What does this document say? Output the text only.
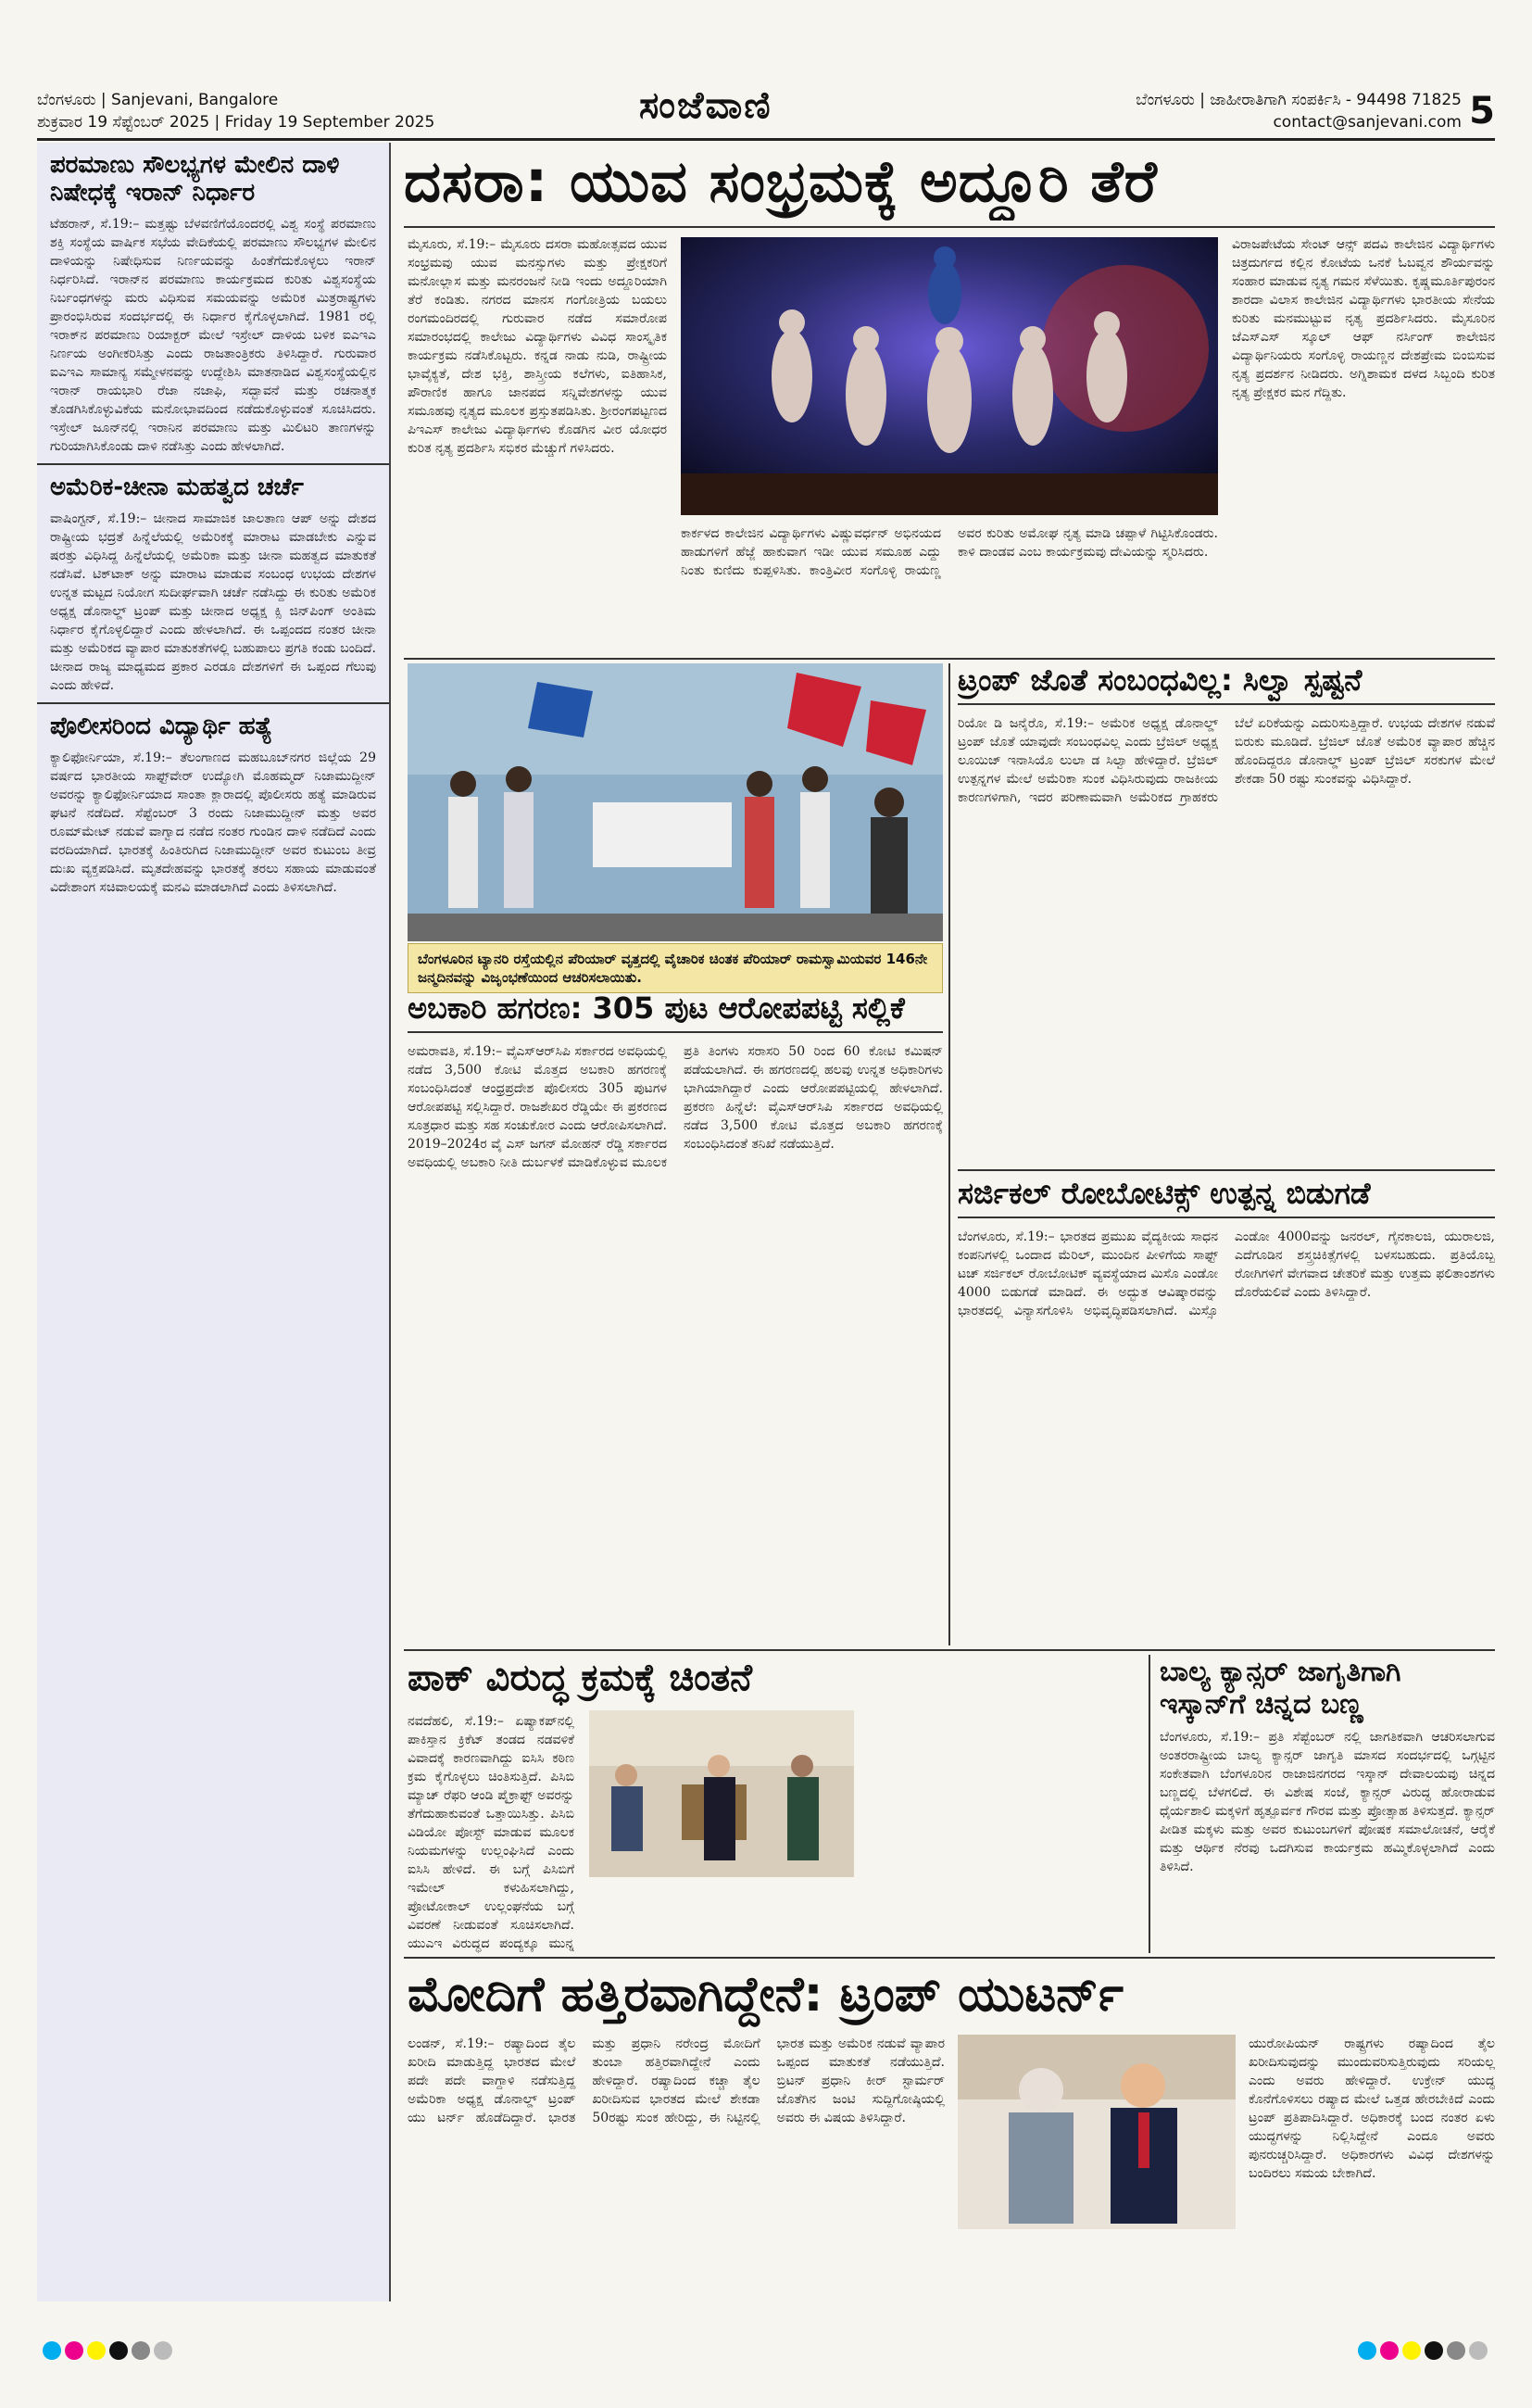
ಬೆಂಗಳೂರು | Sanjevani, Bangalore
ಶುಕ್ರವಾರ 19 ಸೆಪ್ಟೆಂಬರ್ 2025 | Friday 19 September 2025	ಸಂಜೆವಾಣಿ	ಬೆಂಗಳೂರು | ಜಾಹೀರಾತಿಗಾಗಿ ಸಂಪರ್ಕಿಸಿ - 94498 71825
contact@sanjevani.com 5
ಪರಮಾಣು ಸೌಲಭ್ಯಗಳ ಮೇಲಿನ ದಾಳಿ ನಿಷೇಧಕ್ಕೆ ಇರಾನ್ ನಿರ್ಧಾರ
ಟೆಹರಾನ್, ಸೆ.19:– ಮತ್ತಷ್ಟು ಬೆಳವಣಿಗೆಯೊಂದರಲ್ಲಿ ವಿಶ್ವ ಸಂಸ್ಥೆ ಪರಮಾಣು ಶಕ್ತಿ ಸಂಸ್ಥೆಯ ವಾರ್ಷಿಕ ಸಭೆಯ ವೇದಿಕೆಯಲ್ಲಿ ಪರಮಾಣು ಸೌಲಭ್ಯಗಳ ಮೇಲಿನ ದಾಳಿಯನ್ನು ನಿಷೇಧಿಸುವ ನಿರ್ಣಯವನ್ನು ಹಿಂತೆಗೆದುಕೊಳ್ಳಲು ಇರಾನ್ ನಿರ್ಧರಿಸಿದೆ. ಇರಾನ್‌ನ ಪರಮಾಣು ಕಾರ್ಯಕ್ರಮದ ಕುರಿತು ವಿಶ್ವಸಂಸ್ಥೆಯ ನಿರ್ಬಂಧಗಳನ್ನು ಮರು ವಿಧಿಸುವ ಸಮಯವನ್ನು ಅಮೆರಿಕ ಮಿತ್ರರಾಷ್ಟ್ರಗಳು ಪ್ರಾರಂಭಿಸಿರುವ ಸಂದರ್ಭದಲ್ಲಿ ಈ ನಿರ್ಧಾರ ಕೈಗೊಳ್ಳಲಾಗಿದೆ. 1981 ರಲ್ಲಿ ಇರಾಕ್‌ನ ಪರಮಾಣು ರಿಯಾಕ್ಟರ್ ಮೇಲೆ ಇಸ್ರೇಲ್ ದಾಳಿಯ ಬಳಿಕ ಐಎಇಎ ನಿರ್ಣಯ ಅಂಗೀಕರಿಸಿತ್ತು ಎಂದು ರಾಜತಾಂತ್ರಿಕರು ತಿಳಿಸಿದ್ದಾರೆ. ಗುರುವಾರ ಐಎಇಎ ಸಾಮಾನ್ಯ ಸಮ್ಮೇಳನವನ್ನು ಉದ್ದೇಶಿಸಿ ಮಾತನಾಡಿದ ವಿಶ್ವಸಂಸ್ಥೆಯಲ್ಲಿನ ಇರಾನ್ ರಾಯಭಾರಿ ರೆಜಾ ನಜಾಫಿ, ಸದ್ಭಾವನೆ ಮತ್ತು ರಚನಾತ್ಮಕ ತೊಡಗಿಸಿಕೊಳ್ಳುವಿಕೆಯ ಮನೋಭಾವದಿಂದ ನಡೆದುಕೊಳ್ಳುವಂತೆ ಸೂಚಿಸಿದರು. ಇಸ್ರೇಲ್ ಜೂನ್‌ನಲ್ಲಿ ಇರಾನಿನ ಪರಮಾಣು ಮತ್ತು ಮಿಲಿಟರಿ ತಾಣಗಳನ್ನು ಗುರಿಯಾಗಿಸಿಕೊಂಡು ದಾಳಿ ನಡೆಸಿತ್ತು ಎಂದು ಹೇಳಲಾಗಿದೆ.
ಅಮೆರಿಕ-ಚೀನಾ ಮಹತ್ವದ ಚರ್ಚೆ
ವಾಷಿಂಗ್ಟನ್, ಸೆ.19:– ಚೀನಾದ ಸಾಮಾಜಿಕ ಜಾಲತಾಣ ಆಪ್ ಅನ್ನು ದೇಶದ ರಾಷ್ಟ್ರೀಯ ಭದ್ರತೆ ಹಿನ್ನೆಲೆಯಲ್ಲಿ ಅಮೆರಿಕಕ್ಕೆ ಮಾರಾಟ ಮಾಡಬೇಕು ಎನ್ನುವ ಷರತ್ತು ವಿಧಿಸಿದ್ದ ಹಿನ್ನೆಲೆಯಲ್ಲಿ ಅಮೆರಿಕಾ ಮತ್ತು ಚೀನಾ ಮಹತ್ವದ ಮಾತುಕತೆ ನಡೆಸಿವೆ. ಟಿಕ್‌ಟಾಕ್ ಅನ್ನು ಮಾರಾಟ ಮಾಡುವ ಸಂಬಂಧ ಉಭಯ ದೇಶಗಳ ಉನ್ನತ ಮಟ್ಟದ ನಿಯೋಗ ಸುದೀರ್ಘವಾಗಿ ಚರ್ಚೆ ನಡೆಸಿದ್ದು ಈ ಕುರಿತು ಅಮೆರಿಕ ಅಧ್ಯಕ್ಷ ಡೊನಾಲ್ಡ್ ಟ್ರಂಪ್ ಮತ್ತು ಚೀನಾದ ಅಧ್ಯಕ್ಷ ಕ್ಸಿ ಜಿನ್‌ಪಿಂಗ್ ಅಂತಿಮ ನಿರ್ಧಾರ ಕೈಗೊಳ್ಳಲಿದ್ದಾರೆ ಎಂದು ಹೇಳಲಾಗಿದೆ. ಈ ಒಪ್ಪಂದದ ನಂತರ ಚೀನಾ ಮತ್ತು ಅಮೆರಿಕದ ವ್ಯಾಪಾರ ಮಾತುಕತೆಗಳಲ್ಲಿ ಬಹುಪಾಲು ಪ್ರಗತಿ ಕಂಡು ಬಂದಿದೆ. ಚೀನಾದ ರಾಜ್ಯ ಮಾಧ್ಯಮದ ಪ್ರಕಾರ ಎರಡೂ ದೇಶಗಳಿಗೆ ಈ ಒಪ್ಪಂದ ಗೆಲುವು ಎಂದು ಹೇಳಿದೆ.
ಪೊಲೀಸರಿಂದ ವಿದ್ಯಾರ್ಥಿ ಹತ್ಯೆ
ಕ್ಯಾಲಿಫೋರ್ನಿಯಾ, ಸೆ.19:– ತೆಲಂಗಾಣದ ಮಹಬೂಬ್‌ನಗರ ಜಿಲ್ಲೆಯ 29 ವರ್ಷದ ಭಾರತೀಯ ಸಾಫ್ಟ್‌ವೇರ್ ಉದ್ಯೋಗಿ ಮೊಹಮ್ಮದ್ ನಿಜಾಮುದ್ದೀನ್ ಅವರನ್ನು ಕ್ಯಾಲಿಫೋರ್ನಿಯಾದ ಸಾಂತಾ ಕ್ಲಾರಾದಲ್ಲಿ ಪೊಲೀಸರು ಹತ್ಯೆ ಮಾಡಿರುವ ಘಟನೆ ನಡೆದಿದೆ. ಸೆಪ್ಟೆಂಬರ್ 3 ರಂದು ನಿಜಾಮುದ್ದೀನ್ ಮತ್ತು ಅವರ ರೂಮ್‌ಮೇಟ್ ನಡುವೆ ವಾಗ್ವಾದ ನಡೆದ ನಂತರ ಗುಂಡಿನ ದಾಳಿ ನಡೆದಿದೆ ಎಂದು ವರದಿಯಾಗಿದೆ. ಭಾರತಕ್ಕೆ ಹಿಂತಿರುಗಿದ ನಿಜಾಮುದ್ದೀನ್ ಅವರ ಕುಟುಂಬ ತೀವ್ರ ದುಃಖ ವ್ಯಕ್ತಪಡಿಸಿದೆ. ಮೃತದೇಹವನ್ನು ಭಾರತಕ್ಕೆ ತರಲು ಸಹಾಯ ಮಾಡುವಂತೆ ವಿದೇಶಾಂಗ ಸಚಿವಾಲಯಕ್ಕೆ ಮನವಿ ಮಾಡಲಾಗಿದೆ ಎಂದು ತಿಳಿಸಲಾಗಿದೆ.
ದಸರಾ: ಯುವ ಸಂಭ್ರಮಕ್ಕೆ ಅದ್ದೂರಿ ತೆರೆ
ಮೈಸೂರು, ಸೆ.19:– ಮೈಸೂರು ದಸರಾ ಮಹೋತ್ಸವದ ಯುವ ಸಂಭ್ರಮವು ಯುವ ಮನಸ್ಸುಗಳು ಮತ್ತು ಪ್ರೇಕ್ಷಕರಿಗೆ ಮನೋಲ್ಲಾಸ ಮತ್ತು ಮನರಂಜನೆ ನೀಡಿ ಇಂದು ಅದ್ದೂರಿಯಾಗಿ ತೆರೆ ಕಂಡಿತು. ನಗರದ ಮಾನಸ ಗಂಗೋತ್ರಿಯ ಬಯಲು ರಂಗಮಂದಿರದಲ್ಲಿ ಗುರುವಾರ ನಡೆದ ಸಮಾರೋಪ ಸಮಾರಂಭದಲ್ಲಿ ಕಾಲೇಜು ವಿದ್ಯಾರ್ಥಿಗಳು ವಿವಿಧ ಸಾಂಸ್ಕೃತಿಕ ಕಾರ್ಯಕ್ರಮ ನಡೆಸಿಕೊಟ್ಟರು. ಕನ್ನಡ ನಾಡು ನುಡಿ, ರಾಷ್ಟ್ರೀಯ ಭಾವೈಕ್ಯತೆ, ದೇಶ ಭಕ್ತಿ, ಶಾಸ್ತ್ರೀಯ ಕಲೆಗಳು, ಐತಿಹಾಸಿಕ, ಪೌರಾಣಿಕ ಹಾಗೂ ಜಾನಪದ ಸನ್ನಿವೇಶಗಳನ್ನು ಯುವ ಸಮೂಹವು ನೃತ್ಯದ ಮೂಲಕ ಪ್ರಸ್ತುತಪಡಿಸಿತು. ಶ್ರೀರಂಗಪಟ್ಟಣದ ಪಿಇಎಸ್ ಕಾಲೇಜು ವಿದ್ಯಾರ್ಥಿಗಳು ಕೊಡಗಿನ ವೀರ ಯೋಧರ ಕುರಿತ ನೃತ್ಯ ಪ್ರದರ್ಶಿಸಿ ಸಭಿಕರ ಮೆಚ್ಚುಗೆ ಗಳಿಸಿದರು.
ವಿರಾಜಪೇಟೆಯ ಸೇಂಟ್ ಆನ್ಸ್ ಪದವಿ ಕಾಲೇಜಿನ ವಿದ್ಯಾರ್ಥಿಗಳು ಚಿತ್ರದುರ್ಗದ ಕಲ್ಲಿನ ಕೋಟೆಯ ಒನಕೆ ಓಬವ್ವನ ಶೌರ್ಯವನ್ನು ಸಂಹಾರ ಮಾಡುವ ನೃತ್ಯ ಗಮನ ಸೆಳೆಯಿತು. ಕೃಷ್ಣಮೂರ್ತಿಪುರಂನ ಶಾರದಾ ವಿಲಾಸ ಕಾಲೇಜಿನ ವಿದ್ಯಾರ್ಥಿಗಳು ಭಾರತೀಯ ಸೇನೆಯ ಕುರಿತು ಮನಮುಟ್ಟುವ ನೃತ್ಯ ಪ್ರದರ್ಶಿಸಿದರು. ಮೈಸೂರಿನ ಜೆಎಸ್‌ಎಸ್ ಸ್ಕೂಲ್ ಆಫ್ ನರ್ಸಿಂಗ್ ಕಾಲೇಜಿನ ವಿದ್ಯಾರ್ಥಿನಿಯರು ಸಂಗೊಳ್ಳಿ ರಾಯಣ್ಣನ ದೇಶಪ್ರೇಮ ಬಿಂಬಿಸುವ ನೃತ್ಯ ಪ್ರದರ್ಶನ ನೀಡಿದರು. ಅಗ್ನಿಶಾಮಕ ದಳದ ಸಿಬ್ಬಂದಿ ಕುರಿತ ನೃತ್ಯ ಪ್ರೇಕ್ಷಕರ ಮನ ಗೆದ್ದಿತು.
ಕಾರ್ಕಳದ ಕಾಲೇಜಿನ ವಿದ್ಯಾರ್ಥಿಗಳು ವಿಷ್ಣುವರ್ಧನ್ ಅಭಿನಯದ ಹಾಡುಗಳಿಗೆ ಹೆಜ್ಜೆ ಹಾಕುವಾಗ ಇಡೀ ಯುವ ಸಮೂಹ ಎದ್ದು ನಿಂತು ಕುಣಿದು ಕುಪ್ಪಳಿಸಿತು. ಕಾಂತ್ರಿವೀರ ಸಂಗೊಳ್ಳಿ ರಾಯಣ್ಣ ಅವರ ಕುರಿತು ಅಮೋಘ ನೃತ್ಯ ಮಾಡಿ ಚಪ್ಪಾಳೆ ಗಿಟ್ಟಿಸಿಕೊಂಡರು. ಕಾಳಿ ದಾಂಡವ ಎಂಬ ಕಾರ್ಯಕ್ರಮವು ದೇವಿಯನ್ನು ಸ್ಮರಿಸಿದರು.
ಬೆಂಗಳೂರಿನ ಟ್ಯಾನರಿ ರಸ್ತೆಯಲ್ಲಿನ ಪೆರಿಯಾರ್ ವೃತ್ತದಲ್ಲಿ ವೈಚಾರಿಕ ಚಿಂತಕ ಪೆರಿಯಾರ್ ರಾಮಸ್ವಾಮಿಯವರ 146ನೇ ಜನ್ಮದಿನವನ್ನು ವಿಜೃಂಭಣೆಯಿಂದ ಆಚರಿಸಲಾಯಿತು.
ಟ್ರಂಪ್ ಜೊತೆ ಸಂಬಂಧವಿಲ್ಲ: ಸಿಲ್ವಾ ಸ್ಪಷ್ಟನೆ
ರಿಯೋ ಡಿ ಜನೈರೊ, ಸೆ.19:– ಅಮೆರಿಕ ಅಧ್ಯಕ್ಷ ಡೊನಾಲ್ಡ್ ಟ್ರಂಪ್ ಜೊತೆ ಯಾವುದೇ ಸಂಬಂಧವಿಲ್ಲ ಎಂದು ಬ್ರೆಜಿಲ್ ಅಧ್ಯಕ್ಷ ಲೂಯಿಜ್ ಇನಾಸಿಯೊ ಲುಲಾ ಡ ಸಿಲ್ವಾ ಹೇಳಿದ್ದಾರೆ. ಬ್ರೆಜಿಲ್ ಉತ್ಪನ್ನಗಳ ಮೇಲೆ ಅಮೆರಿಕಾ ಸುಂಕ ವಿಧಿಸಿರುವುದು ರಾಜಕೀಯ ಕಾರಣಗಳಿಗಾಗಿ, ಇದರ ಪರಿಣಾಮವಾಗಿ ಅಮೆರಿಕದ ಗ್ರಾಹಕರು ಬೆಲೆ ಏರಿಕೆಯನ್ನು ಎದುರಿಸುತ್ತಿದ್ದಾರೆ. ಉಭಯ ದೇಶಗಳ ನಡುವೆ ಬಿರುಕು ಮೂಡಿದೆ. ಬ್ರೆಜಿಲ್ ಜೊತೆ ಅಮೆರಿಕ ವ್ಯಾಪಾರ ಹೆಚ್ಚಿನ ಹೊಂದಿದ್ದರೂ ಡೊನಾಲ್ಡ್ ಟ್ರಂಪ್ ಬ್ರೆಜಿಲ್ ಸರಕುಗಳ ಮೇಲೆ ಶೇಕಡಾ 50 ರಷ್ಟು ಸುಂಕವನ್ನು ವಿಧಿಸಿದ್ದಾರೆ.
ಅಬಕಾರಿ ಹಗರಣ: 305 ಪುಟ ಆರೋಪಪಟ್ಟಿ ಸಲ್ಲಿಕೆ
ಅಮರಾವತಿ, ಸೆ.19:– ವೈಎಸ್ಆರ್‌ಸಿಪಿ ಸರ್ಕಾರದ ಅವಧಿಯಲ್ಲಿ ನಡೆದ 3,500 ಕೋಟಿ ಮೊತ್ತದ ಅಬಕಾರಿ ಹಗರಣಕ್ಕೆ ಸಂಬಂಧಿಸಿದಂತೆ ಆಂಧ್ರಪ್ರದೇಶ ಪೊಲೀಸರು 305 ಪುಟಗಳ ಆರೋಪಪಟ್ಟಿ ಸಲ್ಲಿಸಿದ್ದಾರೆ. ರಾಜಶೇಖರ ರೆಡ್ಡಿಯೇ ಈ ಪ್ರಕರಣದ ಸೂತ್ರಧಾರ ಮತ್ತು ಸಹ ಸಂಚುಕೋರ ಎಂದು ಆರೋಪಿಸಲಾಗಿದೆ. 2019–2024ರ ವೈ ಎಸ್ ಜಗನ್ ಮೋಹನ್ ರೆಡ್ಡಿ ಸರ್ಕಾರದ ಅವಧಿಯಲ್ಲಿ ಅಬಕಾರಿ ನೀತಿ ದುರ್ಬಳಕೆ ಮಾಡಿಕೊಳ್ಳುವ ಮೂಲಕ ಪ್ರತಿ ತಿಂಗಳು ಸರಾಸರಿ 50 ರಿಂದ 60 ಕೋಟಿ ಕಮಿಷನ್ ಪಡೆಯಲಾಗಿದೆ. ಈ ಹಗರಣದಲ್ಲಿ ಹಲವು ಉನ್ನತ ಅಧಿಕಾರಿಗಳು ಭಾಗಿಯಾಗಿದ್ದಾರೆ ಎಂದು ಆರೋಪಪಟ್ಟಿಯಲ್ಲಿ ಹೇಳಲಾಗಿದೆ. ಪ್ರಕರಣ ಹಿನ್ನೆಲೆ: ವೈಎಸ್ಆರ್‌ಸಿಪಿ ಸರ್ಕಾರದ ಅವಧಿಯಲ್ಲಿ ನಡೆದ 3,500 ಕೋಟಿ ಮೊತ್ತದ ಅಬಕಾರಿ ಹಗರಣಕ್ಕೆ ಸಂಬಂಧಿಸಿದಂತೆ ತನಿಖೆ ನಡೆಯುತ್ತಿದೆ.
ಸರ್ಜಿಕಲ್ ರೋಬೋಟಿಕ್ಸ್ ಉತ್ಪನ್ನ ಬಿಡುಗಡೆ
ಬೆಂಗಳೂರು, ಸೆ.19:– ಭಾರತದ ಪ್ರಮುಖ ವೈದ್ಯಕೀಯ ಸಾಧನ ಕಂಪನಿಗಳಲ್ಲಿ ಒಂದಾದ ಮೆರಿಲ್, ಮುಂದಿನ ಪೀಳಿಗೆಯ ಸಾಫ್ಟ್ ಟಚ್ ಸರ್ಜಿಕಲ್ ರೋಬೋಟಿಕ್ ವ್ಯವಸ್ಥೆಯಾದ ಮಿಸೊ ಎಂಡೋ 4000 ಬಿಡುಗಡೆ ಮಾಡಿದೆ. ಈ ಅದ್ಭುತ ಆವಿಷ್ಕಾರವನ್ನು ಭಾರತದಲ್ಲಿ ವಿನ್ಯಾಸಗೊಳಿಸಿ ಅಭಿವೃದ್ಧಿಪಡಿಸಲಾಗಿದೆ. ಮಿಸ್ಸೊ ಎಂಡೋ 4000ವನ್ನು ಜನರಲ್, ಗೈನಕಾಲಜಿ, ಯುರಾಲಜಿ, ಎದೆಗೂಡಿನ ಶಸ್ತ್ರಚಿಕಿತ್ಸೆಗಳಲ್ಲಿ ಬಳಸಬಹುದು. ಪ್ರತಿಯೊಬ್ಬ ರೋಗಿಗಳಿಗೆ ವೇಗವಾದ ಚೇತರಿಕೆ ಮತ್ತು ಉತ್ತಮ ಫಲಿತಾಂಶಗಳು ದೊರೆಯಲಿವೆ ಎಂದು ತಿಳಿಸಿದ್ದಾರೆ.
ಪಾಕ್ ವಿರುದ್ಧ ಕ್ರಮಕ್ಕೆ ಚಿಂತನೆ
ನವದೆಹಲಿ, ಸೆ.19:– ಏಷ್ಯಾಕಪ್‌ನಲ್ಲಿ ಪಾಕಿಸ್ತಾನ ಕ್ರಿಕೆಟ್ ತಂಡದ ನಡವಳಿಕೆ ವಿವಾದಕ್ಕೆ ಕಾರಣವಾಗಿದ್ದು ಐಸಿಸಿ ಕಠಿಣ ಕ್ರಮ ಕೈಗೊಳ್ಳಲು ಚಿಂತಿಸುತ್ತಿದೆ. ಪಿಸಿಬಿ ಮ್ಯಾಚ್ ರೆಫರಿ ಆಂಡಿ ಪೈಕ್ರಾಫ್ಟ್ ಅವರನ್ನು ತೆಗೆದುಹಾಕುವಂತೆ ಒತ್ತಾಯಿಸಿತ್ತು. ಪಿಸಿಬಿ ವಿಡಿಯೋ ಪೋಸ್ಟ್ ಮಾಡುವ ಮೂಲಕ ನಿಯಮಗಳನ್ನು ಉಲ್ಲಂಘಿಸಿದೆ ಎಂದು ಐಸಿಸಿ ಹೇಳಿದೆ. ಈ ಬಗ್ಗೆ ಪಿಸಿಬಿಗೆ ಇಮೇಲ್ ಕಳುಹಿಸಲಾಗಿದ್ದು, ಪ್ರೋಟೋಕಾಲ್ ಉಲ್ಲಂಘನೆಯ ಬಗ್ಗೆ ವಿವರಣೆ ನೀಡುವಂತೆ ಸೂಚಿಸಲಾಗಿದೆ. ಯುಎಇ ವಿರುದ್ಧದ ಪಂದ್ಯಕ್ಕೂ ಮುನ್ನ
ಬಾಲ್ಯ ಕ್ಯಾನ್ಸರ್ ಜಾಗೃತಿಗಾಗಿ ಇಸ್ಕಾನ್‌ಗೆ ಚಿನ್ನದ ಬಣ್ಣ
ಬೆಂಗಳೂರು, ಸೆ.19:– ಪ್ರತಿ ಸೆಪ್ಟೆಂಬರ್ ನಲ್ಲಿ ಜಾಗತಿಕವಾಗಿ ಆಚರಿಸಲಾಗುವ ಅಂತರರಾಷ್ಟ್ರೀಯ ಬಾಲ್ಯ ಕ್ಯಾನ್ಸರ್ ಜಾಗೃತಿ ಮಾಸದ ಸಂದರ್ಭದಲ್ಲಿ ಒಗ್ಗಟ್ಟಿನ ಸಂಕೇತವಾಗಿ ಬೆಂಗಳೂರಿನ ರಾಜಾಜಿನಗರದ ಇಸ್ಕಾನ್ ದೇವಾಲಯವು ಚಿನ್ನದ ಬಣ್ಣದಲ್ಲಿ ಬೆಳಗಲಿದೆ. ಈ ವಿಶೇಷ ಸಂಜೆ, ಕ್ಯಾನ್ಸರ್ ವಿರುದ್ಧ ಹೋರಾಡುವ ಧೈರ್ಯಶಾಲಿ ಮಕ್ಕಳಿಗೆ ಹೃತ್ಪೂರ್ವಕ ಗೌರವ ಮತ್ತು ಪ್ರೋತ್ಸಾಹ ತಿಳಿಸುತ್ತದೆ. ಕ್ಯಾನ್ಸರ್ ಪೀಡಿತ ಮಕ್ಕಳು ಮತ್ತು ಅವರ ಕುಟುಂಬಗಳಿಗೆ ಪೋಷಕ ಸಮಾಲೋಚನೆ, ಆರೈಕೆ ಮತ್ತು ಆರ್ಥಿಕ ನೆರವು ಒದಗಿಸುವ ಕಾರ್ಯಕ್ರಮ ಹಮ್ಮಿಕೊಳ್ಳಲಾಗಿದೆ ಎಂದು ತಿಳಿಸಿದೆ.
ಮೋದಿಗೆ ಹತ್ತಿರವಾಗಿದ್ದೇನೆ: ಟ್ರಂಪ್ ಯುಟರ್ನ್
ಲಂಡನ್, ಸೆ.19:– ರಷ್ಯಾದಿಂದ ತೈಲ ಖರೀದಿ ಮಾಡುತ್ತಿದ್ದ ಭಾರತದ ಮೇಲೆ ಪದೇ ಪದೇ ವಾಗ್ದಾಳಿ ನಡೆಸುತ್ತಿದ್ದ ಅಮೆರಿಕಾ ಅಧ್ಯಕ್ಷ ಡೊನಾಲ್ಡ್ ಟ್ರಂಪ್ ಯು ಟರ್ನ್ ಹೊಡೆದಿದ್ದಾರೆ. ಭಾರತ ಮತ್ತು ಪ್ರಧಾನಿ ನರೇಂದ್ರ ಮೋದಿಗೆ ತುಂಬಾ ಹತ್ತಿರವಾಗಿದ್ದೇನೆ ಎಂದು ಹೇಳಿದ್ದಾರೆ. ರಷ್ಯಾದಿಂದ ಕಚ್ಚಾ ತೈಲ ಖರೀದಿಸುವ ಭಾರತದ ಮೇಲೆ ಶೇಕಡಾ 50ರಷ್ಟು ಸುಂಕ ಹೇರಿದ್ದು, ಈ ನಿಟ್ಟಿನಲ್ಲಿ ಭಾರತ ಮತ್ತು ಅಮೆರಿಕ ನಡುವೆ ವ್ಯಾಪಾರ ಒಪ್ಪಂದ ಮಾತುಕತೆ ನಡೆಯುತ್ತಿದೆ. ಬ್ರಿಟನ್ ಪ್ರಧಾನಿ ಕೀರ್ ಸ್ಟಾರ್ಮರ್ ಜೊತೆಗಿನ ಜಂಟಿ ಸುದ್ದಿಗೋಷ್ಠಿಯಲ್ಲಿ ಅವರು ಈ ವಿಷಯ ತಿಳಿಸಿದ್ದಾರೆ.
ಯುರೋಪಿಯನ್ ರಾಷ್ಟ್ರಗಳು ರಷ್ಯಾದಿಂದ ತೈಲ ಖರೀದಿಸುವುದನ್ನು ಮುಂದುವರಿಸುತ್ತಿರುವುದು ಸರಿಯಲ್ಲ ಎಂದು ಅವರು ಹೇಳಿದ್ದಾರೆ. ಉಕ್ರೇನ್ ಯುದ್ಧ ಕೊನೆಗೊಳಿಸಲು ರಷ್ಯಾದ ಮೇಲೆ ಒತ್ತಡ ಹೇರಬೇಕಿದೆ ಎಂದು ಟ್ರಂಪ್ ಪ್ರತಿಪಾದಿಸಿದ್ದಾರೆ. ಅಧಿಕಾರಕ್ಕೆ ಬಂದ ನಂತರ ಏಳು ಯುದ್ಧಗಳನ್ನು ನಿಲ್ಲಿಸಿದ್ದೇನೆ ಎಂದೂ ಅವರು ಪುನರುಚ್ಚರಿಸಿದ್ದಾರೆ. ಅಧಿಕಾರಗಳು ವಿವಿಧ ದೇಶಗಳನ್ನು ಬಂದಿರಲು ಸಮಯ ಬೇಕಾಗಿದೆ.
